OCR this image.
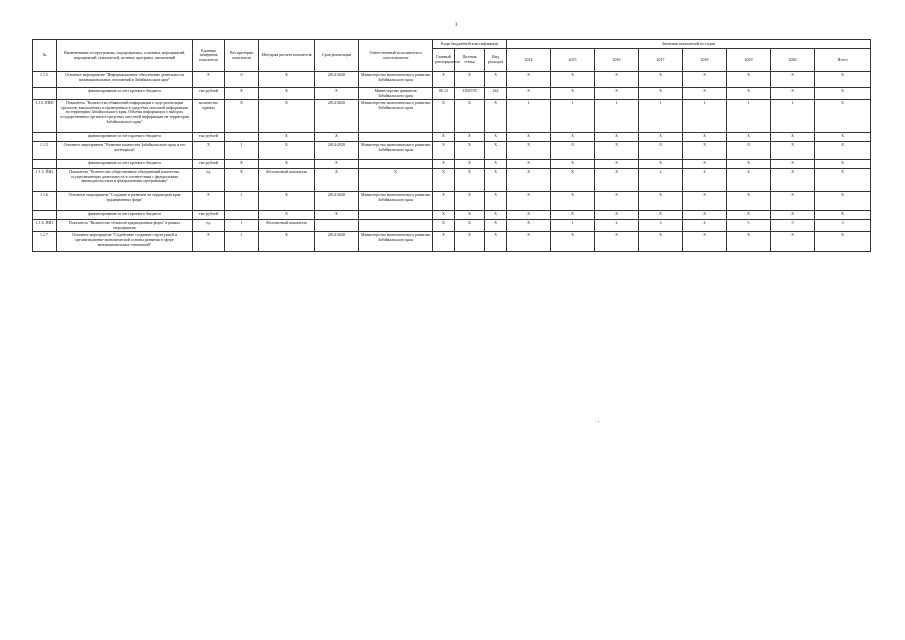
3
№	Наименование госпрограммы, подпрограммы, основных мероприятий, мероприятий, показателей, целевых программ, заключений	Единица измерения показателя	Вес критерия показателя	Методика расчета показателя	Срок реализации	Ответственный исполнитель и соисполнители	Коды бюджетной классификации			Значения показателей по годам							
							Главный распорядитель	Целевая статья	Вид расходов	2014	2015	2016	2017	2018	2019	2020	Итого
1.1.5.	Основное мероприятие "Информационное обеспечение деятельности межнациональных отношений в Забайкальском крае"	Х	0	Х	2014-2020	Министерство экономического развития Забайкальского края	Х	Х	Х	Х	Х	Х	Х	Х	Х	Х	Х
	финансирование за счет краевого бюджета	тыс.рублей	Х	Х	Х	Министерство финансов Забайкальского края	06.12	1502578	244	Х	Х	Х	Х	Х	Х	Х	Х
1.1.5.1ПИ1	Показатель "Количество объявлений информации о ходе реализации проектов, выпущенных и проведенных в средствах массовой информации на территории Забайкальского края. Объемы информации о выборах государственных органов в средствах массовой информации на территории Забайкальского края"	количество единиц	Х	Х	2014-2020	Министерство экономического развития Забайкальского края	Х	Х	Х	1	1	1	1	1	1	1	Х
	финансирование за счет краевого бюджета	тыс.рублей		Х	Х		Х	Х	Х	Х	Х	Х	Х	Х	Х	Х	Х
1.1.5.	Основное мероприятие "Развитие казачества Забайкальского края и его потенциала"	Х	1	Х	2014-2020	Министерство экономического развития Забайкальского края	Х	Х	Х	Х	Х	Х	Х	Х	Х	Х	Х
	финансирование за счет краевого бюджета	тыс.рублей	Х	Х	Х		Х	Х	Х	Х	Х	Х	Х	Х	Х	Х	Х
1.1.5. ПИ1	Показатель "Количество общественных объединений казачества, осуществляющих деятельность в соответствии с федеральным законодательством и федеральными программами"	ед.	Х	Абсолютный показатель	Х	Х	Х	Х	Х	Х	Х	Х	2	4	4	Х	Х
1.1.6.	Основное мероприятие "Создание и развитие на территории края традиционных форм"	Х	1	Х	2014-2020	Министерство экономического развития Забайкальского края	Х	Х	Х	Х	Х	Х	Х	Х	Х	Х	Х
	финансирование за счет краевого бюджета	тыс.рублей		Х	Х		Х	Х	Х	Х	Х	Х	Х	Х	Х	Х	Х
1.1.6. ПИ1	Показатель "Количество объектов традиционных форм" в рамках мероприятия	ед.	1	Абсолютный показатель			Х	Х	Х	Х	1	2	3	4	5	5	5
1.1.7.	Основное мероприятие "Содействие созданию структурной и организационно-экономической основы развития в сфере межнациональных отношений"	Х	1	Х	2014-2020	Министерство экономического развития Забайкальского края	Х	Х	Х	Х	Х	Х	Х	Х	Х	Х	Х
